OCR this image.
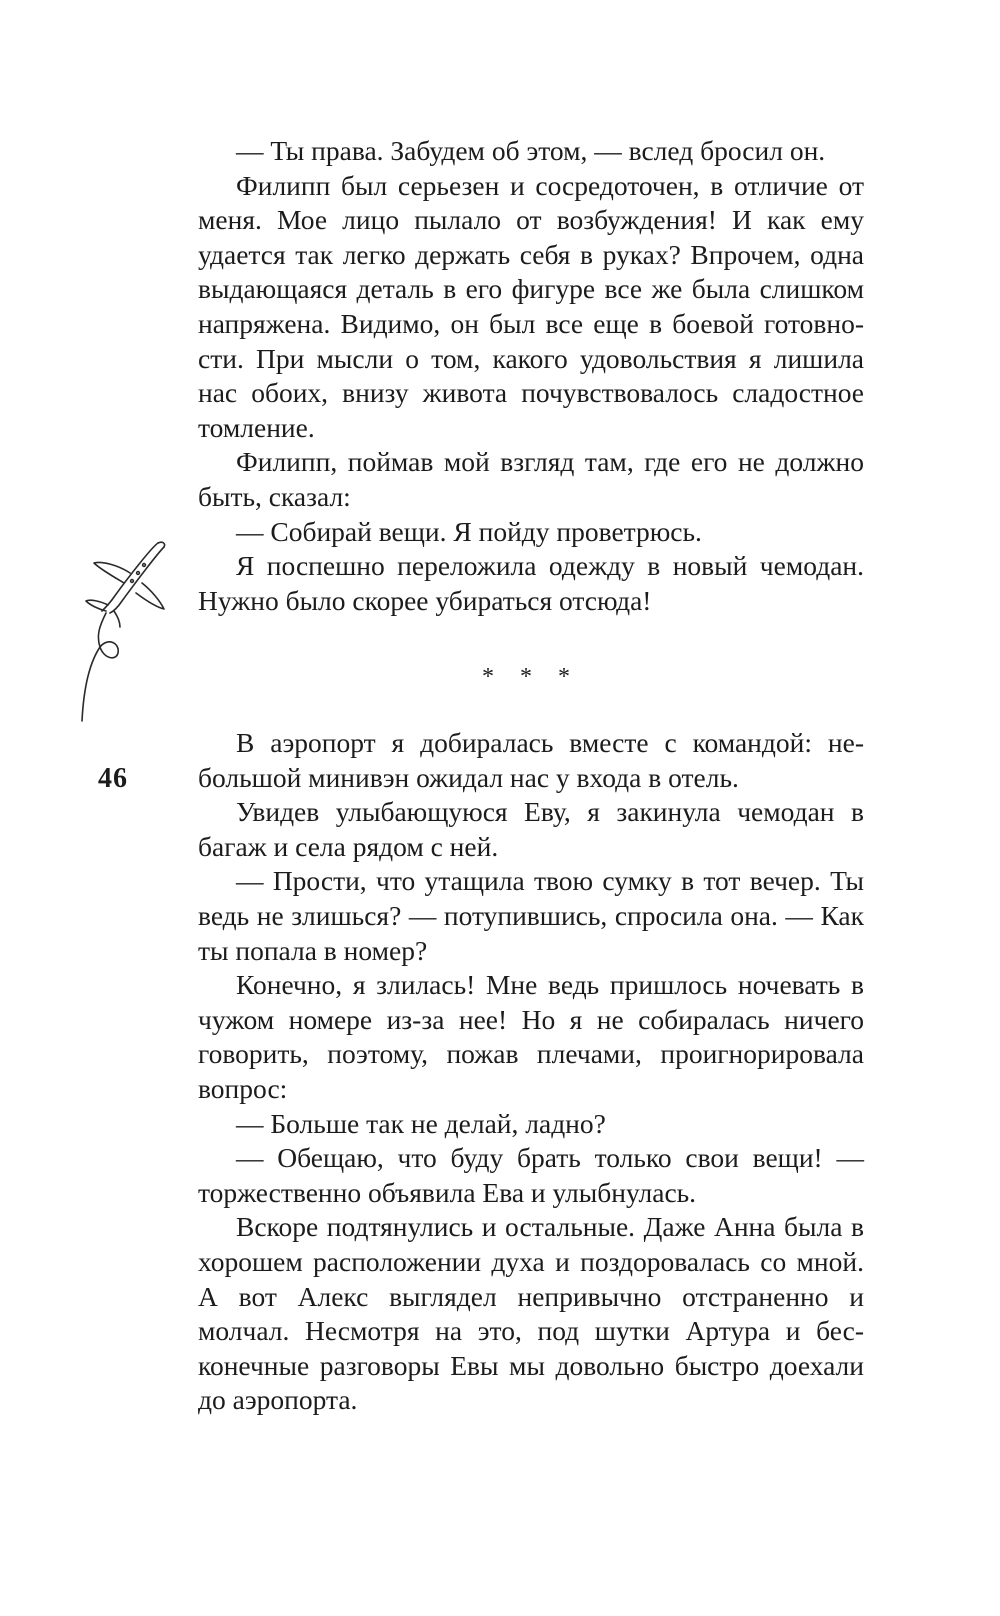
— Ты права. Забудем об этом, — вслед бросил он.

Филипп был серьезен и сосредоточен, в отличие от меня. Мое лицо пылало от возбуждения! И как ему удается так легко держать себя в руках? Впрочем, одна выдающаяся деталь в его фигуре все же была слишком напряжена. Видимо, он был все еще в боевой готовности. При мысли о том, какого удовольствия я лишила нас обоих, внизу живота почувствовалось сладостное томление.

Филипп, поймав мой взгляд там, где его не должно быть, сказал:

— Собирай вещи. Я пойду проветрюсь.

Я поспешно переложила одежду в новый чемодан. Нужно было скорее убираться отсюда!

* * *
46

В аэропорт я добиралась вместе с командой: небольшой минивэн ожидал нас у входа в отель.

Увидев улыбающуюся Еву, я закинула чемодан в багаж и села рядом с ней.

— Прости, что утащила твою сумку в тот вечер. Ты ведь не злишься? — потупившись, спросила она. — Как ты попала в номер?

Конечно, я злилась! Мне ведь пришлось ночевать в чужом номере из-за нее! Но я не собиралась ничего говорить, поэтому, пожав плечами, проигнорировала вопрос:

— Больше так не делай, ладно?

— Обещаю, что буду брать только свои вещи! — торжественно объявила Ева и улыбнулась.

Вскоре подтянулись и остальные. Даже Анна была в хорошем расположении духа и поздоровалась со мной. А вот Алекс выглядел непривычно отстраненно и молчал. Несмотря на это, под шутки Артура и бесконечные разговоры Евы мы довольно быстро доехали до аэропорта.
